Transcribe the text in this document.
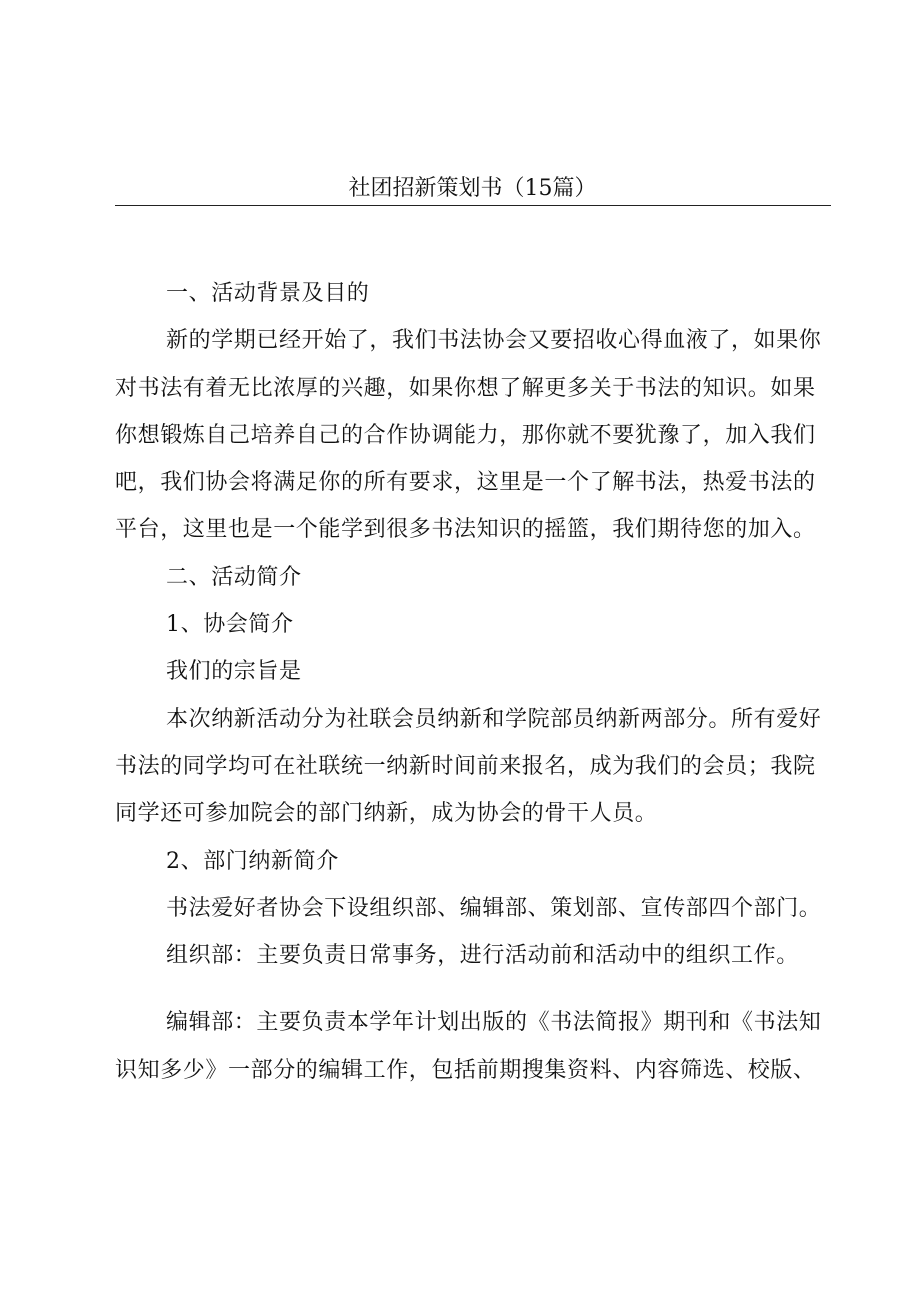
社团招新策划书（15篇）
一、活动背景及目的
新的学期已经开始了，我们书法协会又要招收心得血液了，如果你
对书法有着无比浓厚的兴趣，如果你想了解更多关于书法的知识。如果
你想锻炼自己培养自己的合作协调能力，那你就不要犹豫了，加入我们
吧，我们协会将满足你的所有要求，这里是一个了解书法，热爱书法的
平台，这里也是一个能学到很多书法知识的摇篮，我们期待您的加入。
二、活动简介
1、协会简介
我们的宗旨是
本次纳新活动分为社联会员纳新和学院部员纳新两部分。所有爱好
书法的同学均可在社联统一纳新时间前来报名，成为我们的会员；我院
同学还可参加院会的部门纳新，成为协会的骨干人员。
2、部门纳新简介
书法爱好者协会下设组织部、编辑部、策划部、宣传部四个部门。
组织部：主要负责日常事务，进行活动前和活动中的组织工作。
编辑部：主要负责本学年计划出版的《书法简报》期刊和《书法知
识知多少》一部分的编辑工作，包括前期搜集资料、内容筛选、校版、
